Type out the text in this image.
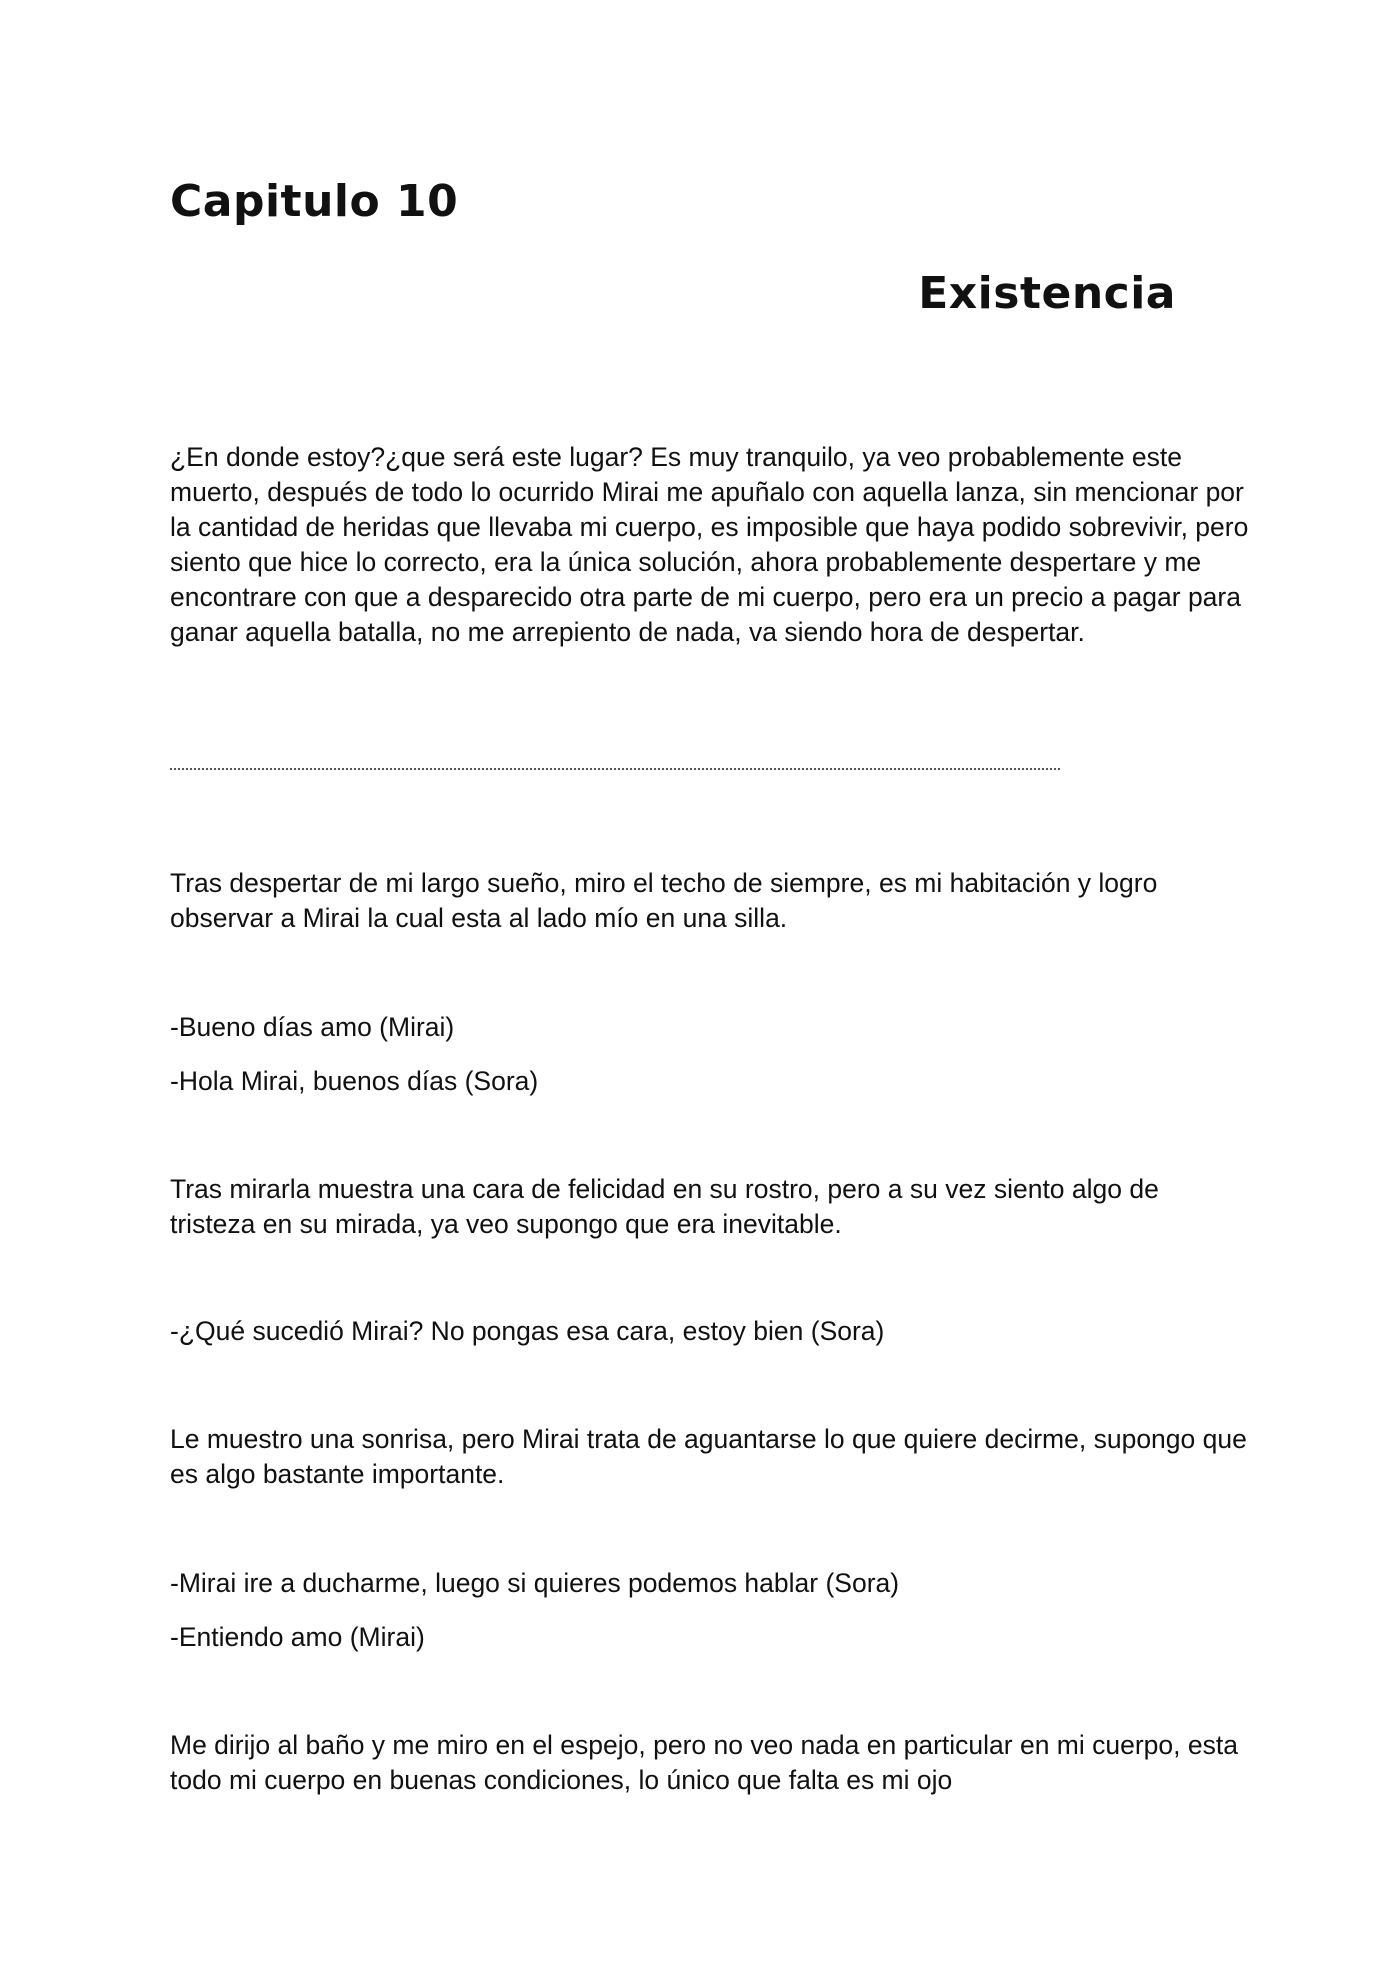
Capitulo 10
Existencia

¿En donde estoy?¿que será este lugar? Es muy tranquilo, ya veo probablemente este muerto, después de todo lo ocurrido Mirai me apuñalo con aquella lanza, sin mencionar por la cantidad de heridas que llevaba mi cuerpo, es imposible que haya podido sobrevivir, pero siento que hice lo correcto, era la única solución, ahora probablemente despertare y me encontrare con que a desparecido otra parte de mi cuerpo, pero era un precio a pagar para ganar aquella batalla, no me arrepiento de nada, va siendo hora de despertar.

Tras despertar de mi largo sueño, miro el techo de siempre, es mi habitación y logro observar a Mirai la cual esta al lado mío en una silla.

-Bueno días amo (Mirai)

-Hola Mirai, buenos días (Sora)

Tras mirarla muestra una cara de felicidad en su rostro, pero a su vez siento algo de tristeza en su mirada, ya veo supongo que era inevitable.

-¿Qué sucedió Mirai? No pongas esa cara, estoy bien (Sora)

Le muestro una sonrisa, pero Mirai trata de aguantarse lo que quiere decirme, supongo que es algo bastante importante.

-Mirai ire a ducharme, luego si quieres podemos hablar (Sora)

-Entiendo amo (Mirai)

Me dirijo al baño y me miro en el espejo, pero no veo nada en particular en mi cuerpo, esta todo mi cuerpo en buenas condiciones, lo único que falta es mi ojo
